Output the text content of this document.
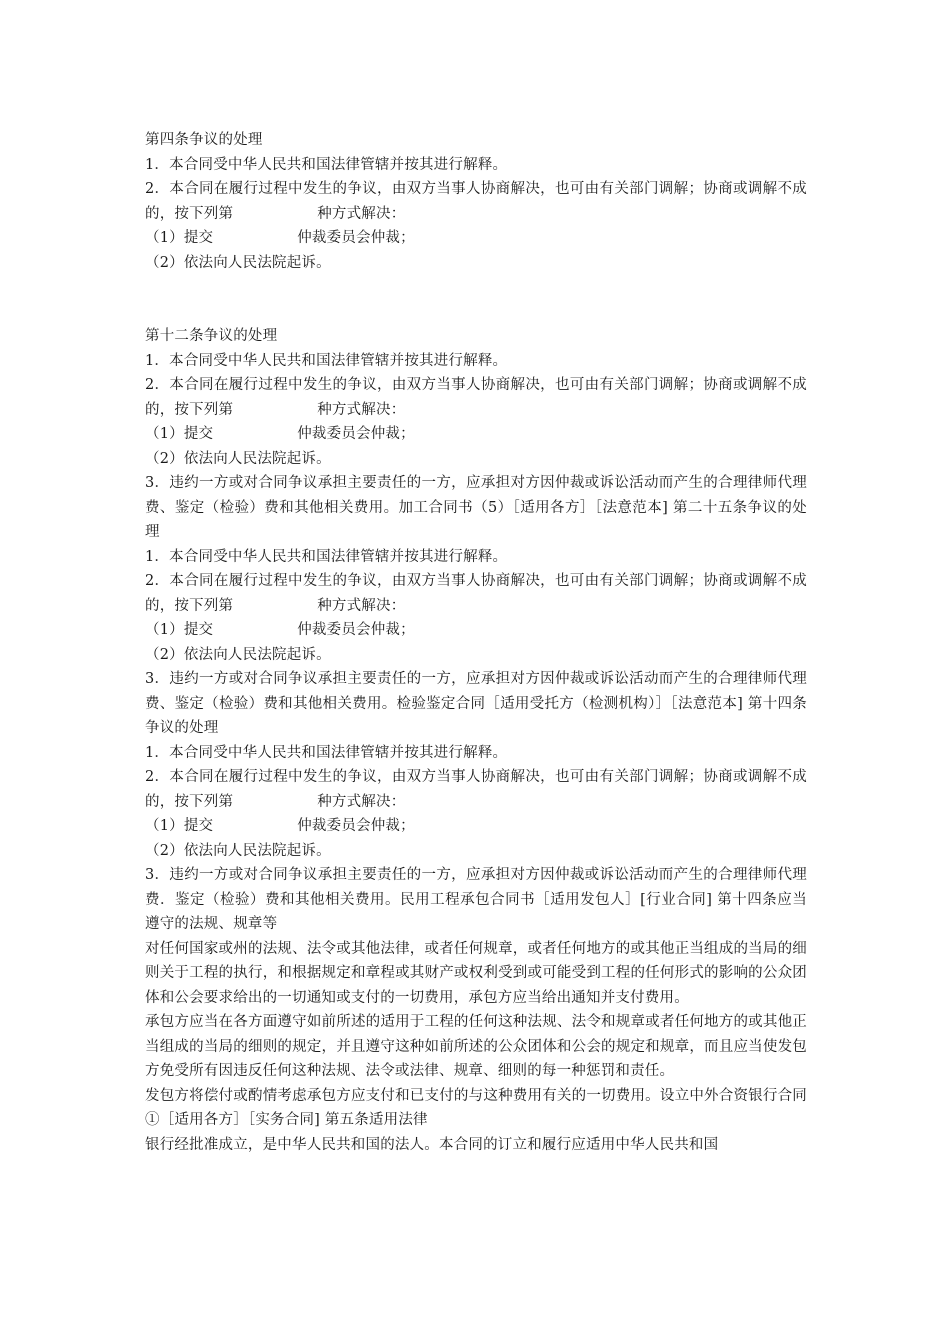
第四条争议的处理

1．本合同受中华人民共和国法律管辖并按其进行解释。

2．本合同在履行过程中发生的争议，由双方当事人协商解决，也可由有关部门调解；协商或调解不成的，按下列第	种方式解决：

（1）提交	仲裁委员会仲裁；

（2）依法向人民法院起诉。

第十二条争议的处理

1．本合同受中华人民共和国法律管辖并按其进行解释。

2．本合同在履行过程中发生的争议，由双方当事人协商解决，也可由有关部门调解；协商或调解不成的，按下列第	种方式解决：

（1）提交	仲裁委员会仲裁；

（2）依法向人民法院起诉。

3．违约一方或对合同争议承担主要责任的一方，应承担对方因仲裁或诉讼活动而产生的合理律师代理费、鉴定（检验）费和其他相关费用。加工合同书（5）［适用各方］［法意范本] 第二十五条争议的处理

1．本合同受中华人民共和国法律管辖并按其进行解释。

2．本合同在履行过程中发生的争议，由双方当事人协商解决，也可由有关部门调解；协商或调解不成的，按下列第	种方式解决：

（1）提交	仲裁委员会仲裁；

（2）依法向人民法院起诉。

3．违约一方或对合同争议承担主要责任的一方，应承担对方因仲裁或诉讼活动而产生的合理律师代理费、鉴定（检验）费和其他相关费用。检验鉴定合同［适用受托方（检测机构）］［法意范本] 第十四条争议的处理

1．本合同受中华人民共和国法律管辖并按其进行解释。

2．本合同在履行过程中发生的争议，由双方当事人协商解决，也可由有关部门调解；协商或调解不成的，按下列第	种方式解决：

（1）提交	仲裁委员会仲裁；

（2）依法向人民法院起诉。

3．违约一方或对合同争议承担主要责任的一方，应承担对方因仲裁或诉讼活动而产生的合理律师代理费．鉴定（检验）费和其他相关费用。民用工程承包合同书［适用发包人］[行业合同] 第十四条应当遵守的法规、规章等

对任何国家或州的法规、法令或其他法律，或者任何规章，或者任何地方的或其他正当组成的当局的细则关于工程的执行，和根据规定和章程或其财产或权利受到或可能受到工程的任何形式的影响的公众团体和公会要求给出的一切通知或支付的一切费用，承包方应当给出通知并支付费用。

承包方应当在各方面遵守如前所述的适用于工程的任何这种法规、法令和规章或者任何地方的或其他正当组成的当局的细则的规定，并且遵守这种如前所述的公众团体和公会的规定和规章，而且应当使发包方免受所有因违反任何这种法规、法令或法律、规章、细则的每一种惩罚和责任。

发包方将偿付或酌情考虑承包方应支付和已支付的与这种费用有关的一切费用。设立中外合资银行合同①［适用各方］［实务合同] 第五条适用法律

银行经批准成立，是中华人民共和国的法人。本合同的订立和履行应适用中华人民共和国
